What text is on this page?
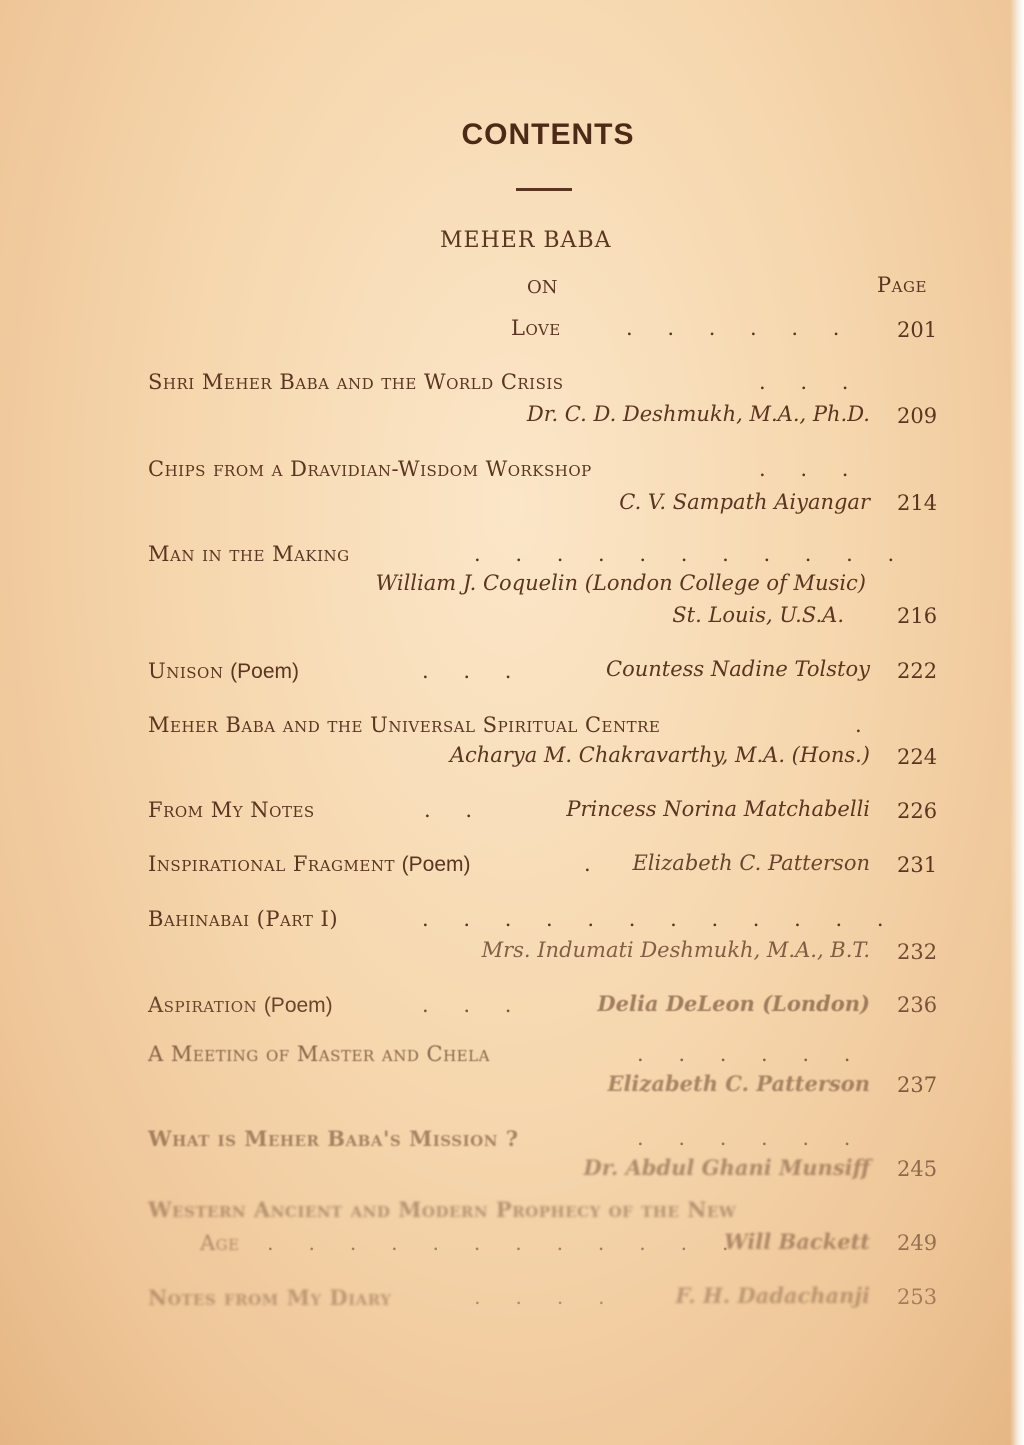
CONTENTS
MEHER BABA
ON	Page
Love	. . . . . . 201
Shri Meher Baba and the World Crisis	. . .
Dr. C. D. Deshmukh, M.A., Ph.D. 209
Chips from a Dravidian-Wisdom Workshop	. . .
C. V. Sampath Aiyangar 214
Man in the Making	. . . . . . . . . . .
William J. Coquelin (London College of Music)
St. Louis, U.S.A.	216
Unison (Poem)	. . .	Countess Nadine Tolstoy 222
Meher Baba and the Universal Spiritual Centre	.
Acharya M. Chakravarthy, M.A. (Hons.) 224
From My Notes	. .	Princess Norina Matchabelli 226
Inspirational Fragment (Poem)	. Elizabeth C. Patterson 231
Bahinabai (Part I)	. . . . . . . . . . . .
Mrs. Indumati Deshmukh, M.A., B.T. 232
Aspiration (Poem)	. . .	Delia DeLeon (London) 236
A Meeting of Master and Chela	. . . . . .
Elizabeth C. Patterson 237
What is Meher Baba's Mission ?	. . . . . .
Dr. Abdul Ghani Munsiff 245
Western Ancient and Modern Prophecy of the New
Age . . . . . . . . . . . .
Will Backett 249
Notes from My Diary	. . . .	F. H. Dadachanji 253
